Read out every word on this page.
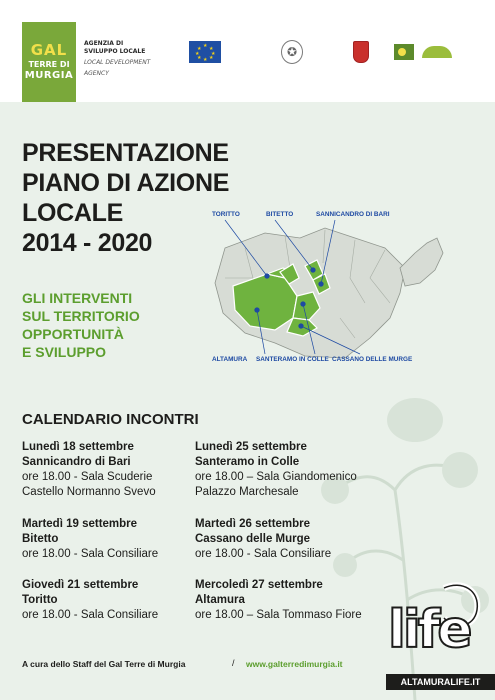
GAL
TERRE DI
MURGIA
AGENZIA DI
SVILUPPO LOCALE
LOCAL DEVELOPMENT
AGENCY
★ ★
★
★
★
★
★
★	✪
PRESENTAZIONE
PIANO DI AZIONE
LOCALE
2014 - 2020
GLI INTERVENTI
SUL TERRITORIO
OPPORTUNITÀ
E SVILUPPO
TORITTO	BITETTO	SANNICANDRO DI BARI
ALTAMURA SANTERAMO IN COLLE CASSANO DELLE MURGE
CALENDARIO INCONTRI
Lunedì 18 settembre
Sannicandro di Bari
ore 18.00 - Sala Scuderie
Castello Normanno Svevo
Martedì 19 settembre
Bitetto
ore 18.00 - Sala Consiliare
Giovedì 21 settembre
Toritto
ore 18.00 - Sala Consiliare
Lunedì 25 settembre
Santeramo in Colle
ore 18.00 – Sala Giandomenico
Palazzo Marchesale
Martedì 26 settembre
Cassano delle Murge
ore 18.00 - Sala Consiliare
Mercoledì 27 settembre
Altamura
ore 18.00 – Sala Tommaso Fiore
A cura dello Staff del Gal Terre di Murgia	/ www.galterredimurgia.it
life
ALTAMURALIFE.IT
